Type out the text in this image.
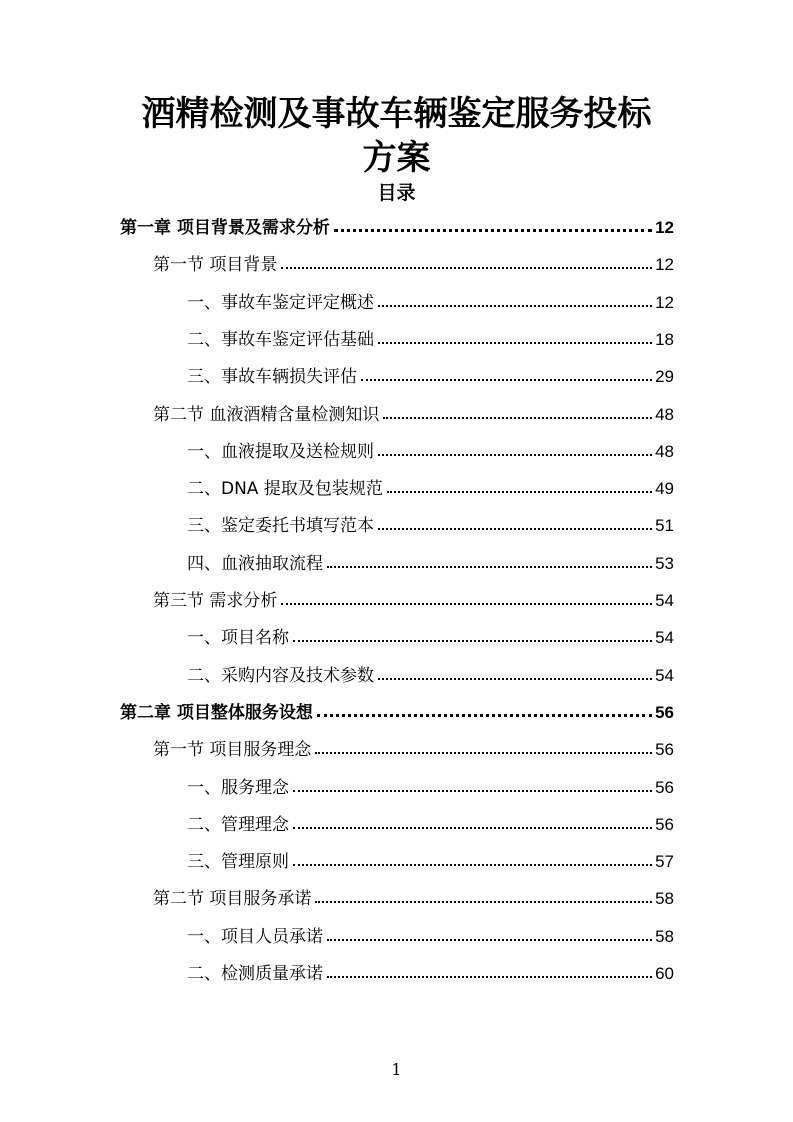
酒精检测及事故车辆鉴定服务投标
方案
目录
第一章 项目背景及需求分析	12
第一节 项目背景	12
一、事故车鉴定评定概述	12
二、事故车鉴定评估基础	18
三、事故车辆损失评估	29
第二节 血液酒精含量检测知识	48
一、血液提取及送检规则	48
二、DNA 提取及包装规范	49
三、鉴定委托书填写范本	51
四、血液抽取流程	53
第三节 需求分析	54
一、项目名称	54
二、采购内容及技术参数	54
第二章 项目整体服务设想	56
第一节 项目服务理念	56
一、服务理念	56
二、管理理念	56
三、管理原则	57
第二节 项目服务承诺	58
一、项目人员承诺	58
二、检测质量承诺	60
1
